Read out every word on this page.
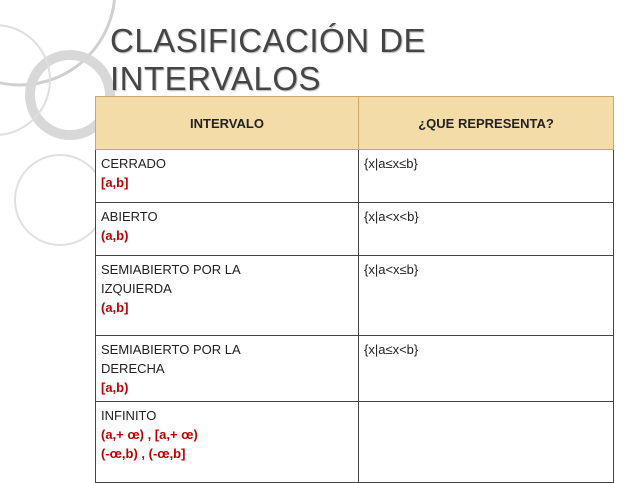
CLASIFICACIÓN DE
INTERVALOS
INTERVALO	¿QUE REPRESENTA?

CERRADO
[a,b]	{x|a≤x≤b}

ABIERTO
(a,b)	{x|a<x<b}

SEMIABIERTO POR LA
IZQUIERDA
(a,b]	{x|a<x≤b}

SEMIABIERTO POR LA
DERECHA
[a,b)	{x|a≤x<b}

INFINITO
(a,+ œ) , [a,+ œ)
(-œ,b) , (-œ,b]	
